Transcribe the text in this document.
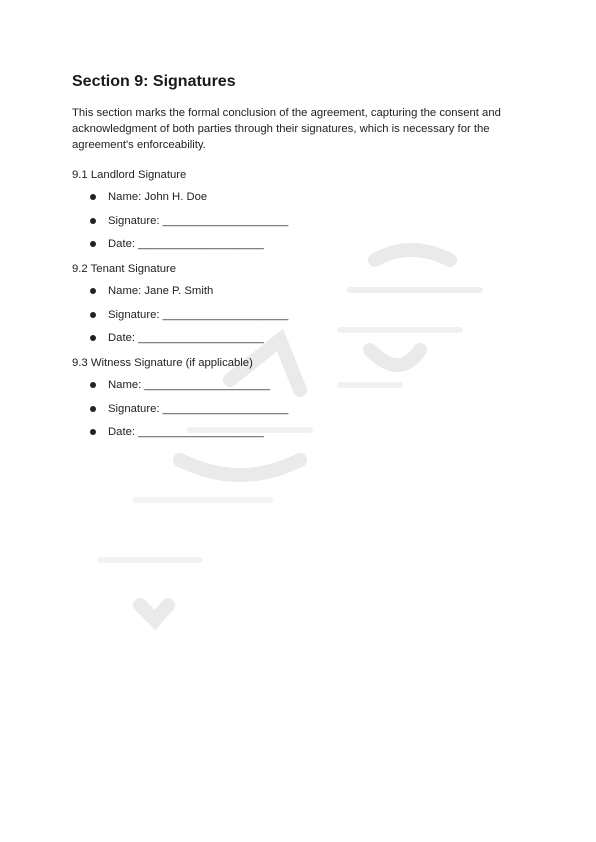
Section 9: Signatures

This section marks the formal conclusion of the agreement, capturing the consent and acknowledgment of both parties through their signatures, which is necessary for the agreement's enforceability.

9.1 Landlord Signature
Name: John H. Doe
Signature: ____________________
Date: ____________________
9.2 Tenant Signature
Name: Jane P. Smith
Signature: ____________________
Date: ____________________
9.3 Witness Signature (if applicable)
Name: ____________________
Signature: ____________________
Date: ____________________
